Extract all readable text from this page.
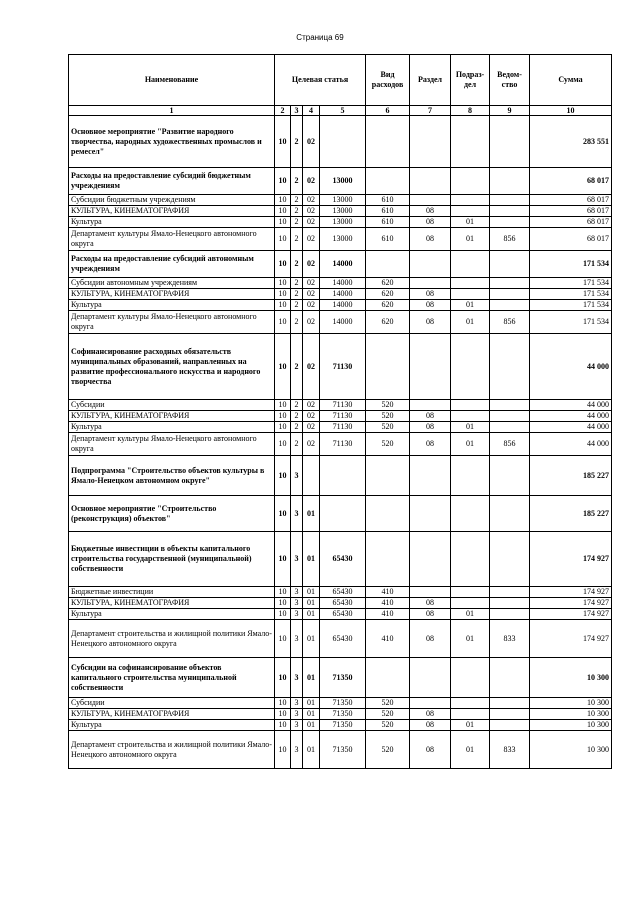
Страница 69
Наименование	Целевая статья				Вид расходов	Раздел	Подраз-дел	Ведом-ство	Сумма
1	2	3	4	5	6	7	8	9	10
Основное мероприятие "Развитие народного творчества, народных художественных промыслов и ремесел"	10	2	02						283 551
Расходы на предоставление субсидий бюджетным учреждениям	10	2	02	13000					68 017
Субсидии бюджетным учреждениям	10	2	02	13000	610				68 017
КУЛЬТУРА, КИНЕМАТОГРАФИЯ	10	2	02	13000	610	08			68 017
Культура	10	2	02	13000	610	08	01		68 017
Департамент культуры Ямало-Ненецкого автономного округа	10	2	02	13000	610	08	01	856	68 017
Расходы на предоставление субсидий автономным учреждениям	10	2	02	14000					171 534
Субсидии автономным учреждениям	10	2	02	14000	620				171 534
КУЛЬТУРА, КИНЕМАТОГРАФИЯ	10	2	02	14000	620	08			171 534
Культура	10	2	02	14000	620	08	01		171 534
Департамент культуры Ямало-Ненецкого автономного округа	10	2	02	14000	620	08	01	856	171 534
Софинансирование расходных обязательств муниципальных образований, направленных на развитие профессионального искусства и народного творчества	10	2	02	71130					44 000
Субсидии	10	2	02	71130	520				44 000
КУЛЬТУРА, КИНЕМАТОГРАФИЯ	10	2	02	71130	520	08			44 000
Культура	10	2	02	71130	520	08	01		44 000
Департамент культуры Ямало-Ненецкого автономного округа	10	2	02	71130	520	08	01	856	44 000
Подпрограмма "Строительство объектов культуры в Ямало-Ненецком автономном округе"	10	3							185 227
Основное мероприятие "Строительство (реконструкция) объектов"	10	3	01						185 227
Бюджетные инвестиции в объекты капитального строительства государственной (муниципальной) собственности	10	3	01	65430					174 927
Бюджетные инвестиции	10	3	01	65430	410				174 927
КУЛЬТУРА, КИНЕМАТОГРАФИЯ	10	3	01	65430	410	08			174 927
Культура	10	3	01	65430	410	08	01		174 927
Департамент строительства и жилищной политики Ямало-Ненецкого автономного округа	10	3	01	65430	410	08	01	833	174 927
Субсидии на софинансирование объектов капитального строительства муниципальной собственности	10	3	01	71350					10 300
Субсидии	10	3	01	71350	520				10 300
КУЛЬТУРА, КИНЕМАТОГРАФИЯ	10	3	01	71350	520	08			10 300
Культура	10	3	01	71350	520	08	01		10 300
Департамент строительства и жилищной политики Ямало-Ненецкого автономного округа	10	3	01	71350	520	08	01	833	10 300
